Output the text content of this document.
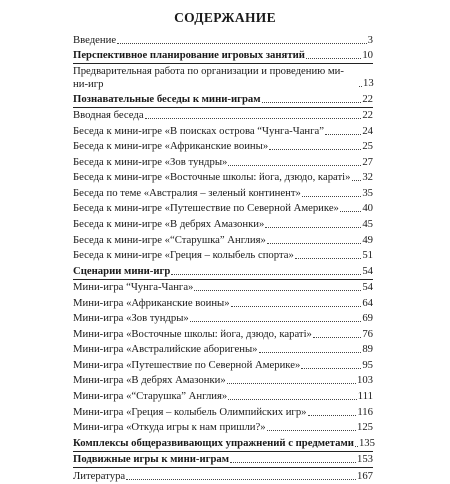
СОДЕРЖАНИЕ
Введение	3
Перспективное планирование игровых занятий	10
Предварительная работа по организации и проведению ми-ни-игр	13
Познавательные беседы к мини-играм	22
Вводная беседа	22
Беседа к мини-игре «В поисках острова “Чунга-Чанга”	24
Беседа к мини-игре «Африканские воины»	25
Беседа к мини-игре «Зов тундры»	27
Беседа к мини-игре «Восточные школы: йога, дзюдо, караті» 32
Беседа по теме «Австралия – зеленый континент»	35
Беседа к мини-игре «Путешествие по Северной Америке» 40
Беседа к мини-игре «В дебрях Амазонки»	45
Беседа к мини-игре «“Старушка” Англия»	49
Беседа к мини-игре «Греция – колыбель спорта»	51
Сценарии мини-игр	54
Мини-игра “Чунга-Чанга»	54
Мини-игра «Африканские воины»	64
Мини-игра «Зов тундры»	69
Мини-игра «Восточные школы: йога, дзюдо, караті»	76
Мини-игра «Австралийские аборигены»	89
Мини-игра «Путешествие по Северной Америке»	95
Мини-игра «В дебрях Амазонки»	103
Мини-игра «“Старушка” Англия»	111
Мини-игра «Греция – колыбель Олимпийских игр»	116
Мини-игра «Откуда игры к нам пришли?»	125
Комплексы общеразвивающих упражнений с предметами 135
Подвижные игры к мини-играм	153
Литература	167
